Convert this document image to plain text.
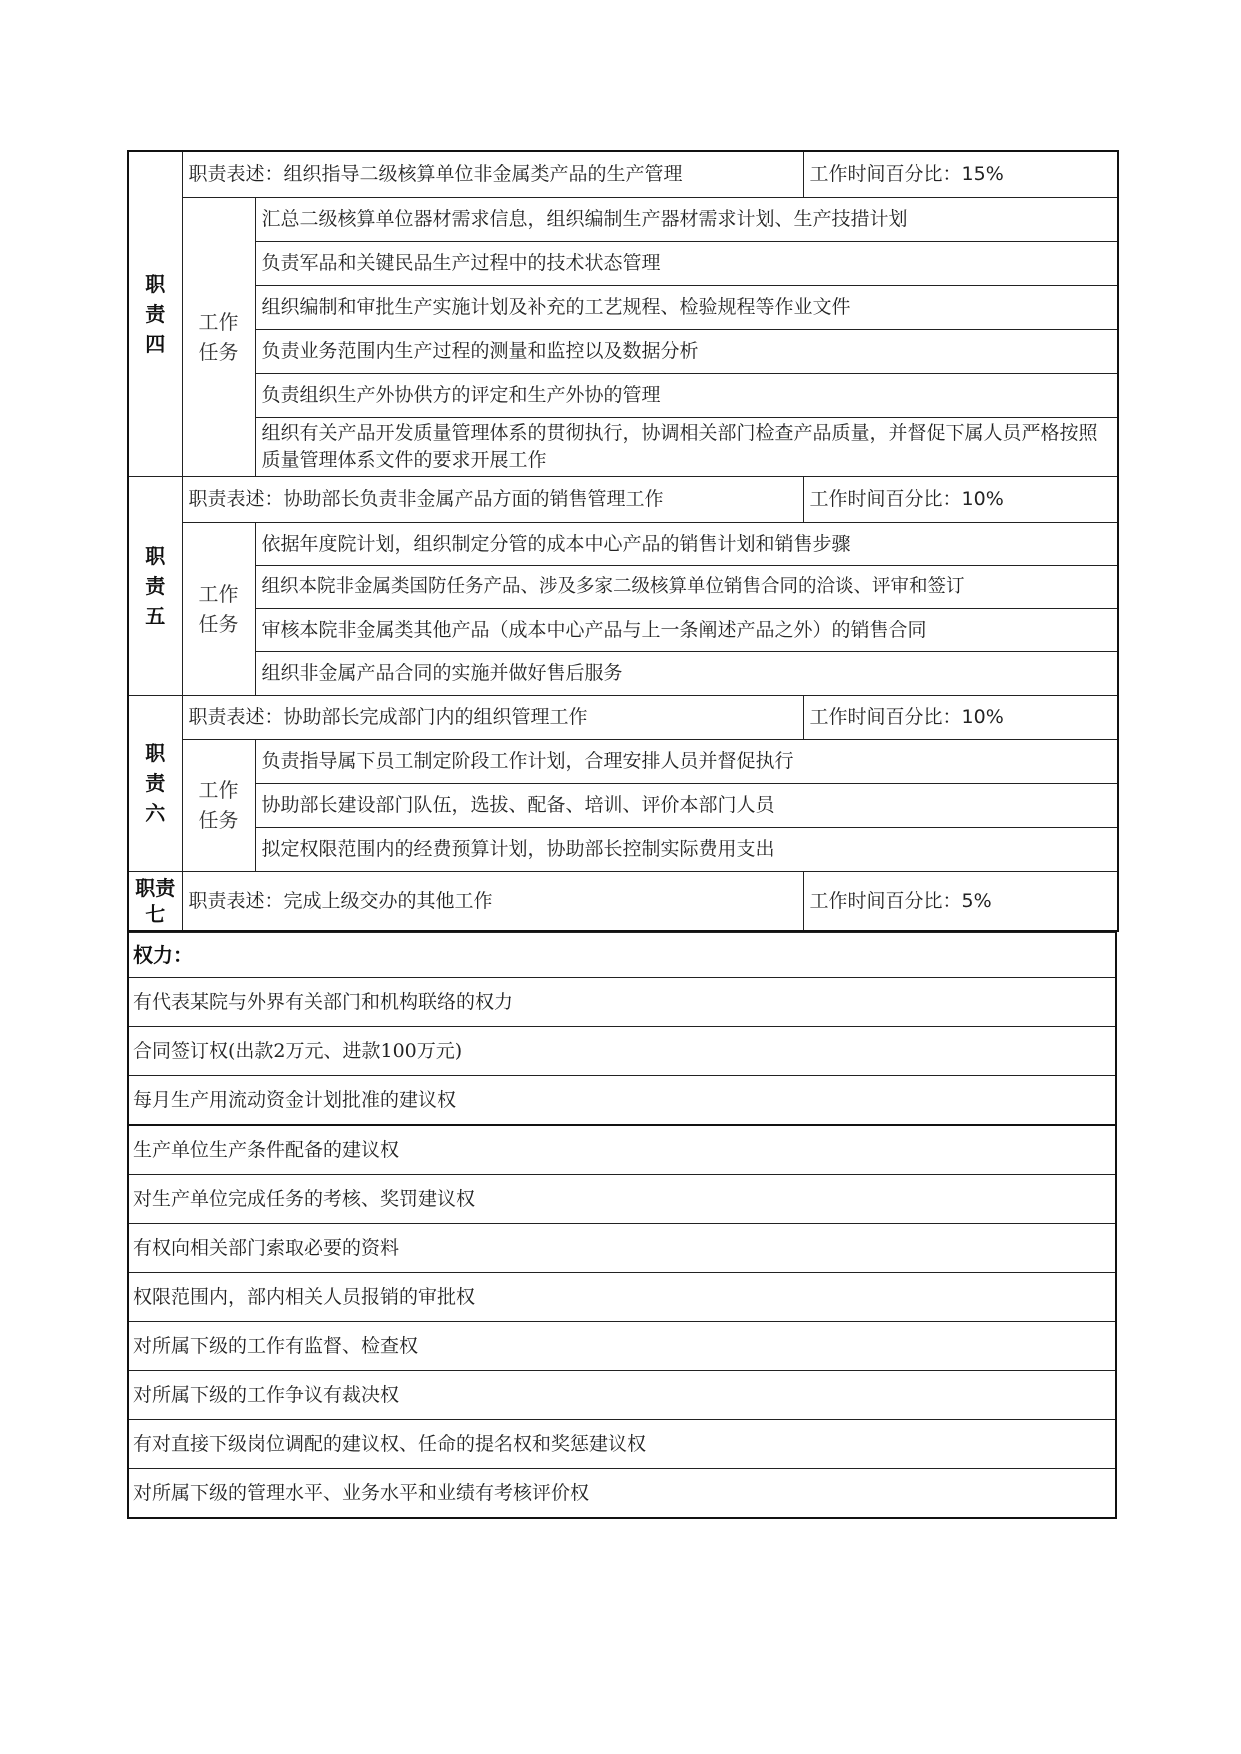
职责四	职责表述：组织指导二级核算单位非金属类产品的生产管理		工作时间百分比：15%
	工作任务	汇总二级核算单位器材需求信息，组织编制生产器材需求计划、生产技措计划	
		负责军品和关键民品生产过程中的技术状态管理	
		组织编制和审批生产实施计划及补充的工艺规程、检验规程等作业文件	
		负责业务范围内生产过程的测量和监控以及数据分析	
		负责组织生产外协供方的评定和生产外协的管理	
		组织有关产品开发质量管理体系的贯彻执行，协调相关部门检查产品质量，并督促下属人员严格按照质量管理体系文件的要求开展工作	
职责五	职责表述：协助部长负责非金属产品方面的销售管理工作		工作时间百分比：10%
	工作任务	依据年度院计划，组织制定分管的成本中心产品的销售计划和销售步骤	
		组织本院非金属类国防任务产品、涉及多家二级核算单位销售合同的洽谈、评审和签订	
		审核本院非金属类其他产品（成本中心产品与上一条阐述产品之外）的销售合同	
		组织非金属产品合同的实施并做好售后服务	
职责六	职责表述：协助部长完成部门内的组织管理工作		工作时间百分比：10%
	工作任务	负责指导属下员工制定阶段工作计划，合理安排人员并督促执行	
		协助部长建设部门队伍，选拔、配备、培训、评价本部门人员	
		拟定权限范围内的经费预算计划，协助部长控制实际费用支出	
职责七	职责表述：完成上级交办的其他工作		工作时间百分比：5%
权力：
有代表某院与外界有关部门和机构联络的权力
合同签订权(出款2万元、进款100万元)
每月生产用流动资金计划批准的建议权
生产单位生产条件配备的建议权
对生产单位完成任务的考核、奖罚建议权
有权向相关部门索取必要的资料
权限范围内，部内相关人员报销的审批权
对所属下级的工作有监督、检查权
对所属下级的工作争议有裁决权
有对直接下级岗位调配的建议权、任命的提名权和奖惩建议权
对所属下级的管理水平、业务水平和业绩有考核评价权
